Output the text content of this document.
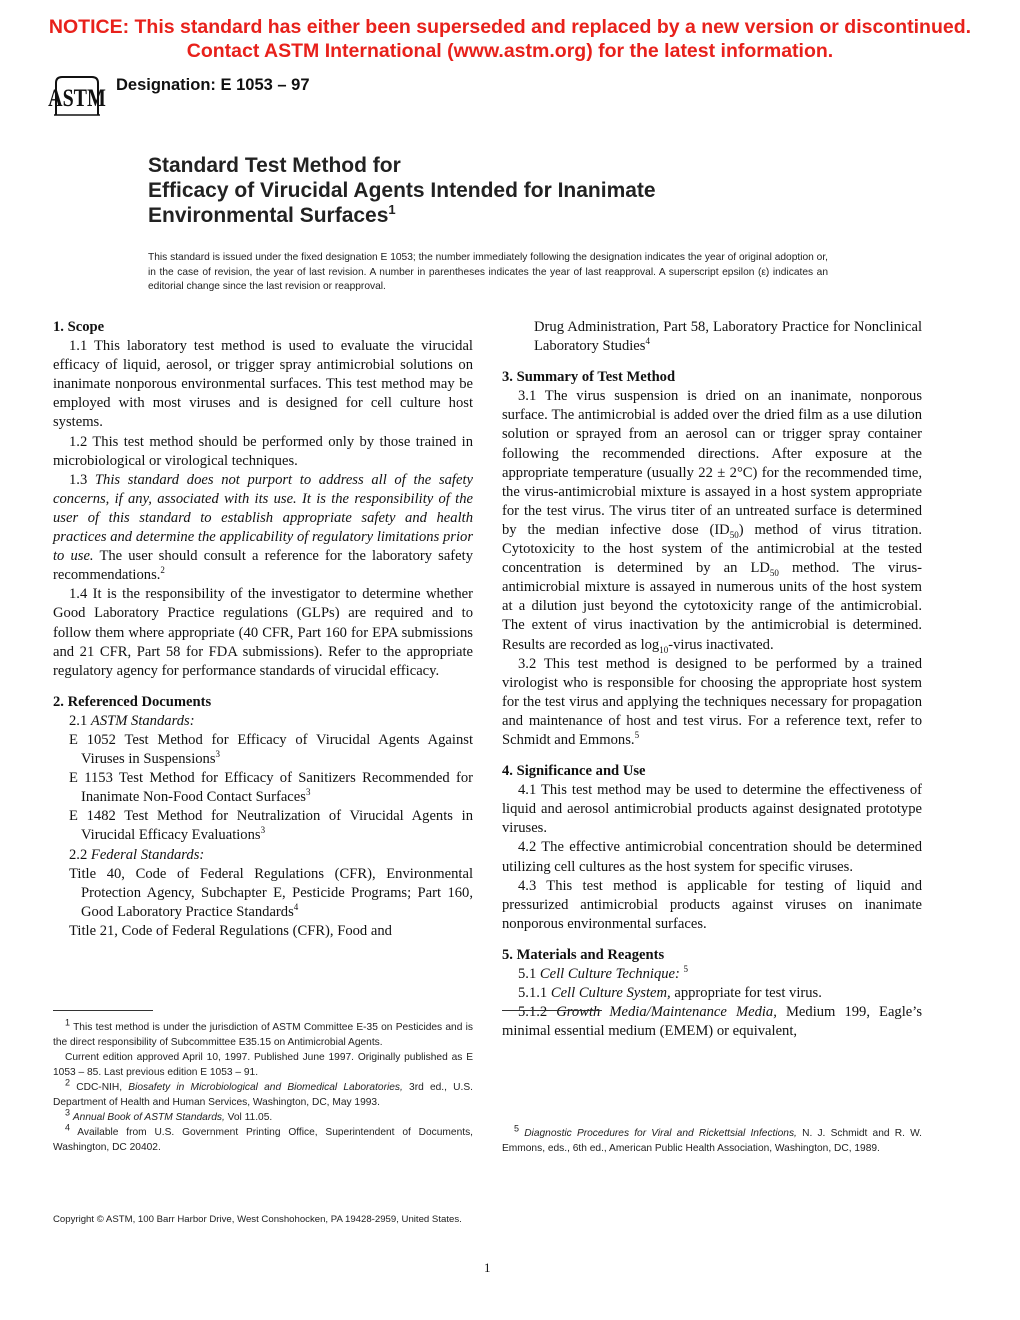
NOTICE: This standard has either been superseded and replaced by a new version or discontinued.
Contact ASTM International (www.astm.org) for the latest information.
ASTM Designation: E 1053 – 97
Standard Test Method for
Efficacy of Virucidal Agents Intended for Inanimate
Environmental Surfaces$^1$
This standard is issued under the fixed designation E 1053; the number immediately following the designation indicates the year of original adoption or, in the case of revision, the year of last revision. A number in parentheses indicates the year of last reapproval. A superscript epsilon (ε) indicates an editorial change since the last revision or reapproval.

1. Scope

1.1 This laboratory test method is used to evaluate the virucidal efficacy of liquid, aerosol, or trigger spray antimicrobial solutions on inanimate nonporous environmental surfaces. This test method may be employed with most viruses and is designed for cell culture host systems.

1.2 This test method should be performed only by those trained in microbiological or virological techniques.

1.3 This standard does not purport to address all of the safety concerns, if any, associated with its use. It is the responsibility of the user of this standard to establish appropriate safety and health practices and determine the applicability of regulatory limitations prior to use. The user should consult a reference for the laboratory safety recommendations.$^2$

1.4 It is the responsibility of the investigator to determine whether Good Laboratory Practice regulations (GLPs) are required and to follow them where appropriate (40 CFR, Part 160 for EPA submissions and 21 CFR, Part 58 for FDA submissions). Refer to the appropriate regulatory agency for performance standards of virucidal efficacy.

2. Referenced Documents

2.1 ASTM Standards:

E 1052 Test Method for Efficacy of Virucidal Agents Against Viruses in Suspensions$^3$

E 1153 Test Method for Efficacy of Sanitizers Recommended for Inanimate Non-Food Contact Surfaces$^3$

E 1482 Test Method for Neutralization of Virucidal Agents in Virucidal Efficacy Evaluations$^3$

2.2 Federal Standards:

Title 40, Code of Federal Regulations (CFR), Environmental Protection Agency, Subchapter E, Pesticide Programs; Part 160, Good Laboratory Practice Standards$^4$

Title 21, Code of Federal Regulations (CFR), Food and

Drug Administration, Part 58, Laboratory Practice for Nonclinical Laboratory Studies$^4$

3. Summary of Test Method

3.1 The virus suspension is dried on an inanimate, nonporous surface. The antimicrobial is added over the dried film as a use dilution solution or sprayed from an aerosol can or trigger spray container following the recommended directions. After exposure at the appropriate temperature (usually 22 ± 2°C) for the recommended time, the virus-antimicrobial mixture is assayed in a host system appropriate for the test virus. The virus titer of an untreated surface is determined by the median infective dose $(ID_{50})$ method of virus titration. Cytotoxicity to the host system of the antimicrobial at the tested concentration is determined by an $LD_{50}$ method. The virus-antimicrobial mixture is assayed in numerous units of the host system at a dilution just beyond the cytotoxicity range of the antimicrobial. The extent of virus inactivation by the antimicrobial is determined. Results are recorded as $\log_{10}$-virus inactivated.

3.2 This test method is designed to be performed by a trained virologist who is responsible for choosing the appropriate host system for the test virus and applying the techniques necessary for propagation and maintenance of host and test virus. For a reference text, refer to Schmidt and Emmons.$^5$

4. Significance and Use

4.1 This test method may be used to determine the effectiveness of liquid and aerosol antimicrobial products against designated prototype viruses.

4.2 The effective antimicrobial concentration should be determined utilizing cell cultures as the host system for specific viruses.

4.3 This test method is applicable for testing of liquid and pressurized antimicrobial products against viruses on inanimate nonporous environmental surfaces.

5. Materials and Reagents

5.1 Cell Culture Technique: $^5$

5.1.1 Cell Culture System, appropriate for test virus.

5.1.2 Growth Media/Maintenance Media, Medium 199, Eagle’s minimal essential medium (EMEM) or equivalent,

$^1$ This test method is under the jurisdiction of ASTM Committee E-35 on Pesticides and is the direct responsibility of Subcommittee E35.15 on Antimicrobial Agents.

Current edition approved April 10, 1997. Published June 1997. Originally published as E 1053 – 85. Last previous edition E 1053 – 91.

$^2$ CDC-NIH, Biosafety in Microbiological and Biomedical Laboratories, 3rd ed., U.S. Department of Health and Human Services, Washington, DC, May 1993.

$^3$ Annual Book of ASTM Standards, Vol 11.05.

$^4$ Available from U.S. Government Printing Office, Superintendent of Documents, Washington, DC 20402.

$^5$ Diagnostic Procedures for Viral and Rickettsial Infections, N. J. Schmidt and R. W. Emmons, eds., 6th ed., American Public Health Association, Washington, DC, 1989.

Copyright © ASTM, 100 Barr Harbor Drive, West Conshohocken, PA 19428-2959, United States.
1
